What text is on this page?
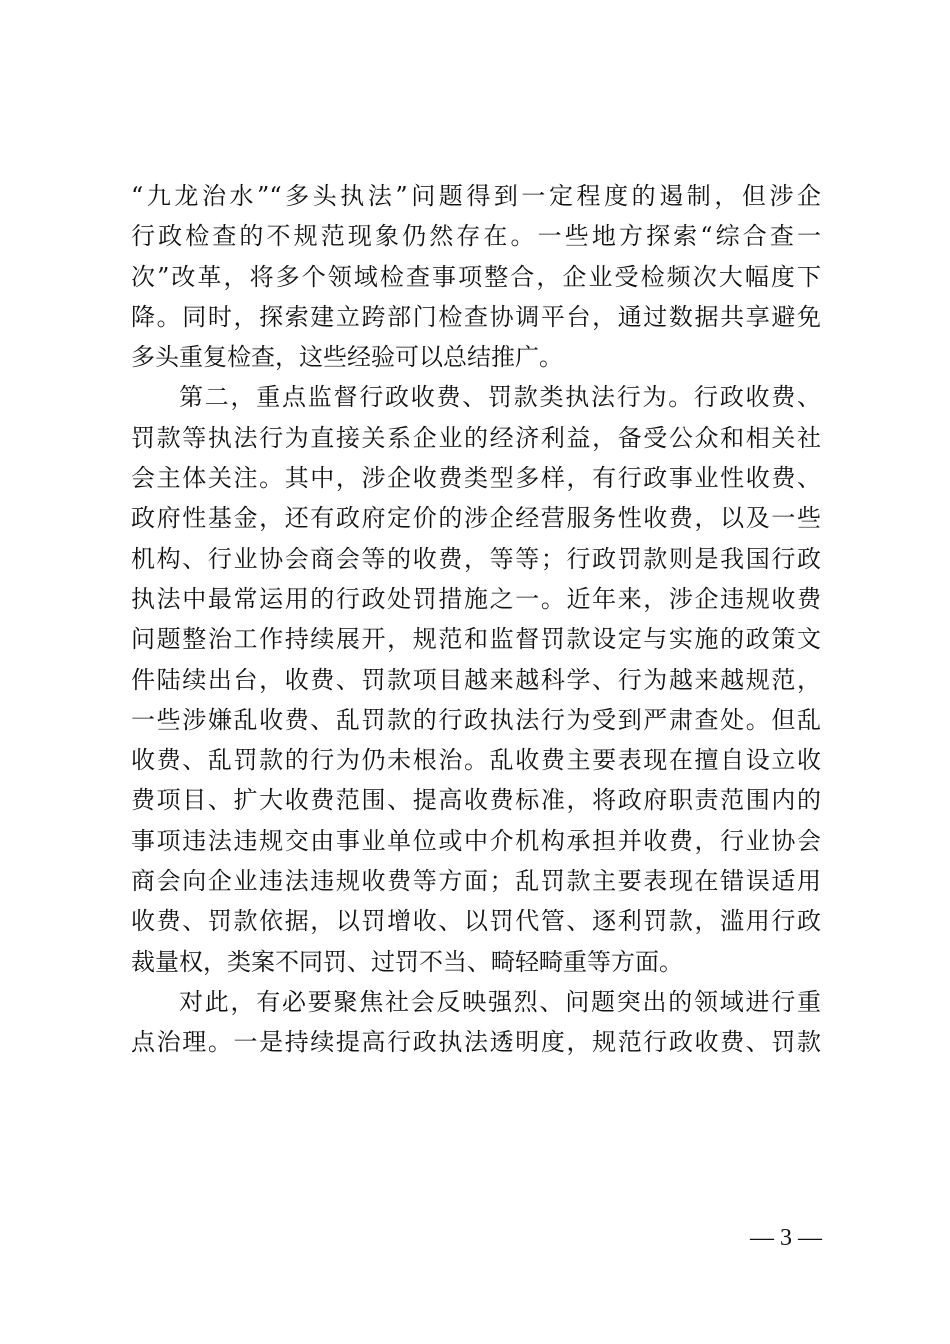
“九龙治水”“多头执法”问题得到一定程度的遏制，但涉企
行政检查的不规范现象仍然存在。一些地方探索“综合查一
次”改革，将多个领域检查事项整合，企业受检频次大幅度下
降。同时，探索建立跨部门检查协调平台，通过数据共享避免
多头重复检查，这些经验可以总结推广。
第二，重点监督行政收费、罚款类执法行为。行政收费、
罚款等执法行为直接关系企业的经济利益，备受公众和相关社
会主体关注。其中，涉企收费类型多样，有行政事业性收费、
政府性基金，还有政府定价的涉企经营服务性收费，以及一些
机构、行业协会商会等的收费，等等；行政罚款则是我国行政
执法中最常运用的行政处罚措施之一。近年来，涉企违规收费
问题整治工作持续展开，规范和监督罚款设定与实施的政策文
件陆续出台，收费、罚款项目越来越科学、行为越来越规范，
一些涉嫌乱收费、乱罚款的行政执法行为受到严肃查处。但乱
收费、乱罚款的行为仍未根治。乱收费主要表现在擅自设立收
费项目、扩大收费范围、提高收费标准，将政府职责范围内的
事项违法违规交由事业单位或中介机构承担并收费，行业协会
商会向企业违法违规收费等方面；乱罚款主要表现在错误适用
收费、罚款依据，以罚增收、以罚代管、逐利罚款，滥用行政
裁量权，类案不同罚、过罚不当、畸轻畸重等方面。
对此，有必要聚焦社会反映强烈、问题突出的领域进行重
点治理。一是持续提高行政执法透明度，规范行政收费、罚款
— 3 —
